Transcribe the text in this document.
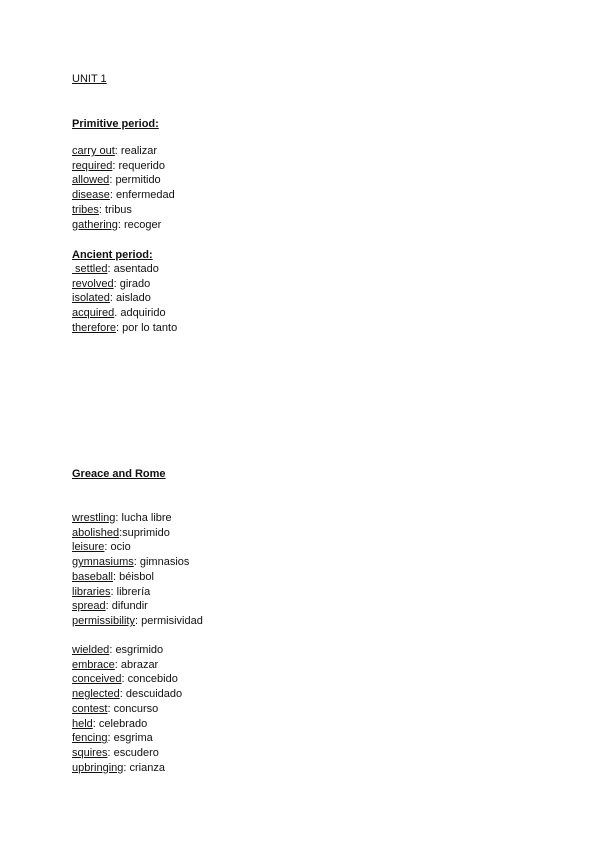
UNIT 1
Primitive period:
carry out: realizar
required: requerido
allowed: permitido
disease: enfermedad
tribes: tribus
gathering: recoger
Ancient period:
settled: asentado
revolved: girado
isolated: aislado
acquired. adquirido
therefore: por lo tanto
Greace and Rome
wrestling: lucha libre
abolished:suprimido
leisure: ocio
gymnasiums: gimnasios
baseball: béisbol
libraries: librería
spread: difundir
permissibility: permisividad
wielded: esgrimido
embrace: abrazar
conceived: concebido
neglected: descuidado
contest: concurso
held: celebrado
fencing: esgrima
squires: escudero
upbringing: crianza
